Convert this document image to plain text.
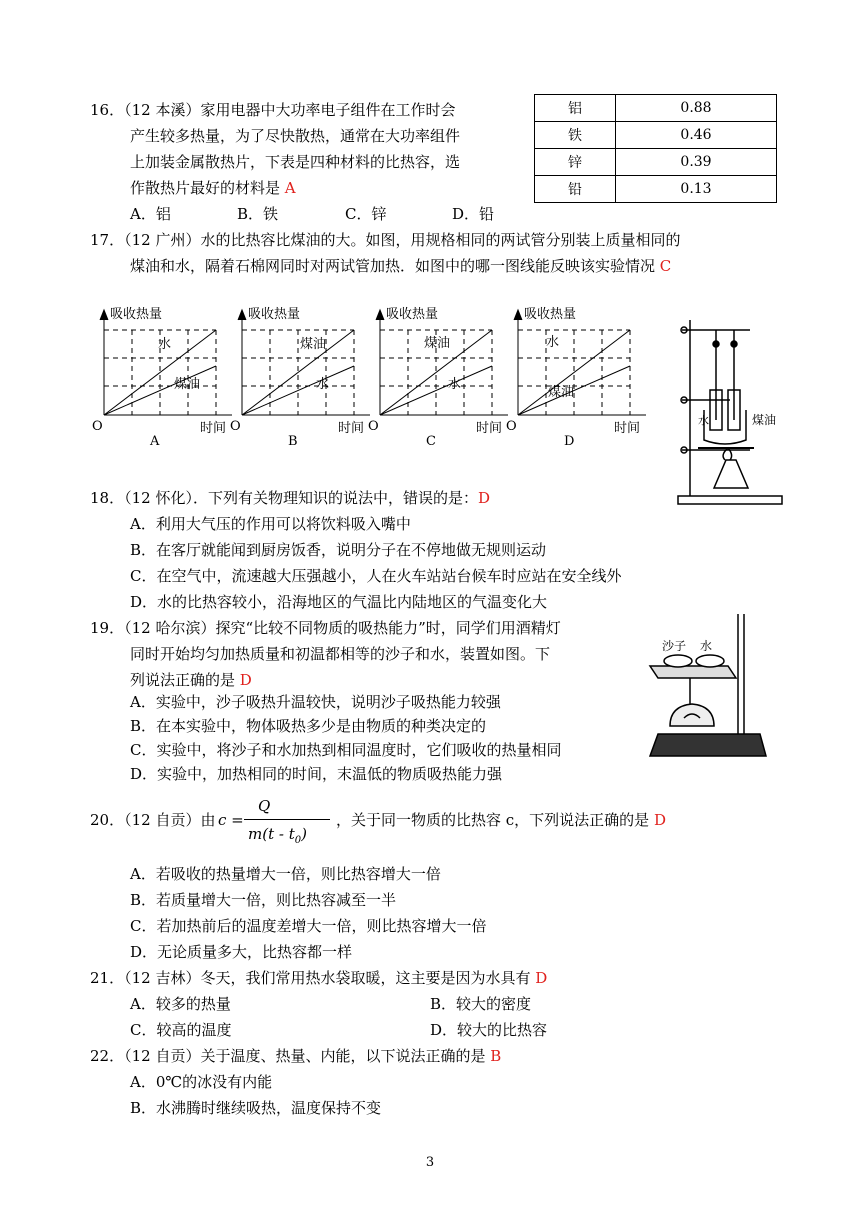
16．（12 本溪）家用电器中大功率电子组件在工作时会
产生较多热量，为了尽快散热，通常在大功率组件
上加装金属散热片，下表是四种材料的比热容，选
作散热片最好的材料是 A
A．铝	B．铁	C．锌	D．铅
铝	0.88
铁	0.46
锌	0.39
铅	0.13
17．（12 广州）水的比热容比煤油的大。如图，用规格相同的两试管分别装上质量相同的
煤油和水，隔着石棉网同时对两试管加热．如图中的哪一图线能反映该实验情况 C
吸收热量
水
煤油
O	时间
A
吸收热量
煤油
水
O	时间
B
吸收热量
煤油
水
O	时间
C
水
吸收热量
煤油
O	时间
D
水	煤油
18．（12 怀化）．下列有关物理知识的说法中，错误的是：D
A．利用大气压的作用可以将饮料吸入嘴中
B．在客厅就能闻到厨房饭香，说明分子在不停地做无规则运动
C．在空气中，流速越大压强越小，人在火车站站台候车时应站在安全线外
D．水的比热容较小，沿海地区的气温比内陆地区的气温变化大
19．（12 哈尔滨）探究“比较不同物质的吸热能力”时，同学们用酒精灯
同时开始均匀加热质量和初温都相等的沙子和水，装置如图。下
列说法正确的是 D
A．实验中，沙子吸热升温较快，说明沙子吸热能力较强
B．在本实验中，物体吸热多少是由物质的种类决定的
C．实验中，将沙子和水加热到相同温度时，它们吸收的热量相同
D．实验中，加热相同的时间，末温低的物质吸热能力强
沙子 水
20．（12 自贡）由 c =
Q
$m(t - t_0)$
，关于同一物质的比热容 c，下列说法正确的是 D
A．若吸收的热量增大一倍，则比热容增大一倍
B．若质量增大一倍，则比热容减至一半
C．若加热前后的温度差增大一倍，则比热容增大一倍
D．无论质量多大，比热容都一样
21．（12 吉林）冬天，我们常用热水袋取暖，这主要是因为水具有 D
A．较多的热量	B．较大的密度
C．较高的温度	D．较大的比热容
22．（12 自贡）关于温度、热量、内能，以下说法正确的是 B
A．0℃的冰没有内能
B．水沸腾时继续吸热，温度保持不变
3
